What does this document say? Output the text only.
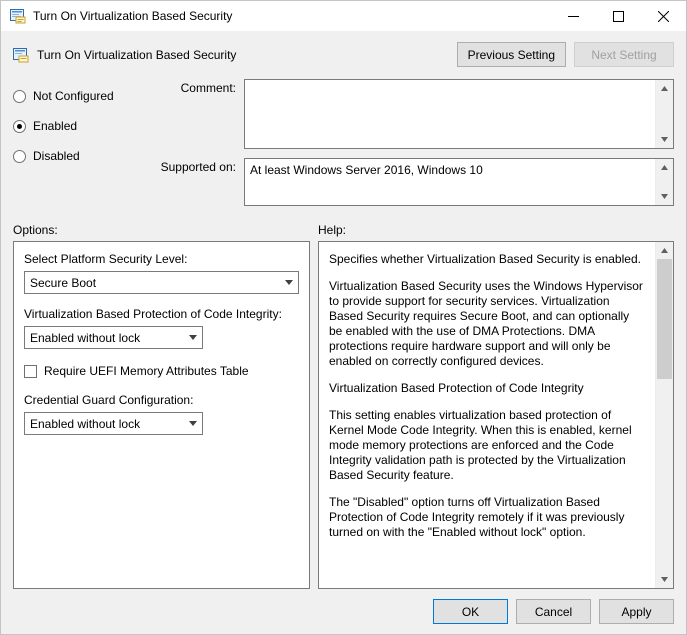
Turn On Virtualization Based Security
Turn On Virtualization Based Security	Previous Setting	Next Setting
Not Configured
Enabled
Disabled
Comment:
Supported on:	At least Windows Server 2016, Windows 10
Options:	Help:
Select Platform Security Level:
Secure Boot
Virtualization Based Protection of Code Integrity:
Enabled without lock
Require UEFI Memory Attributes Table
Credential Guard Configuration:
Enabled without lock

Specifies whether Virtualization Based Security is enabled.

Virtualization Based Security uses the Windows Hypervisor to provide support for security services. Virtualization Based Security requires Secure Boot, and can optionally be enabled with the use of DMA Protections. DMA protections require hardware support and will only be enabled on correctly configured devices.

Virtualization Based Protection of Code Integrity

This setting enables virtualization based protection of Kernel Mode Code Integrity. When this is enabled, kernel mode memory protections are enforced and the Code Integrity validation path is protected by the Virtualization Based Security feature.

The "Disabled" option turns off Virtualization Based Protection of Code Integrity remotely if it was previously turned on with the "Enabled without lock" option.

OK	Cancel	Apply
